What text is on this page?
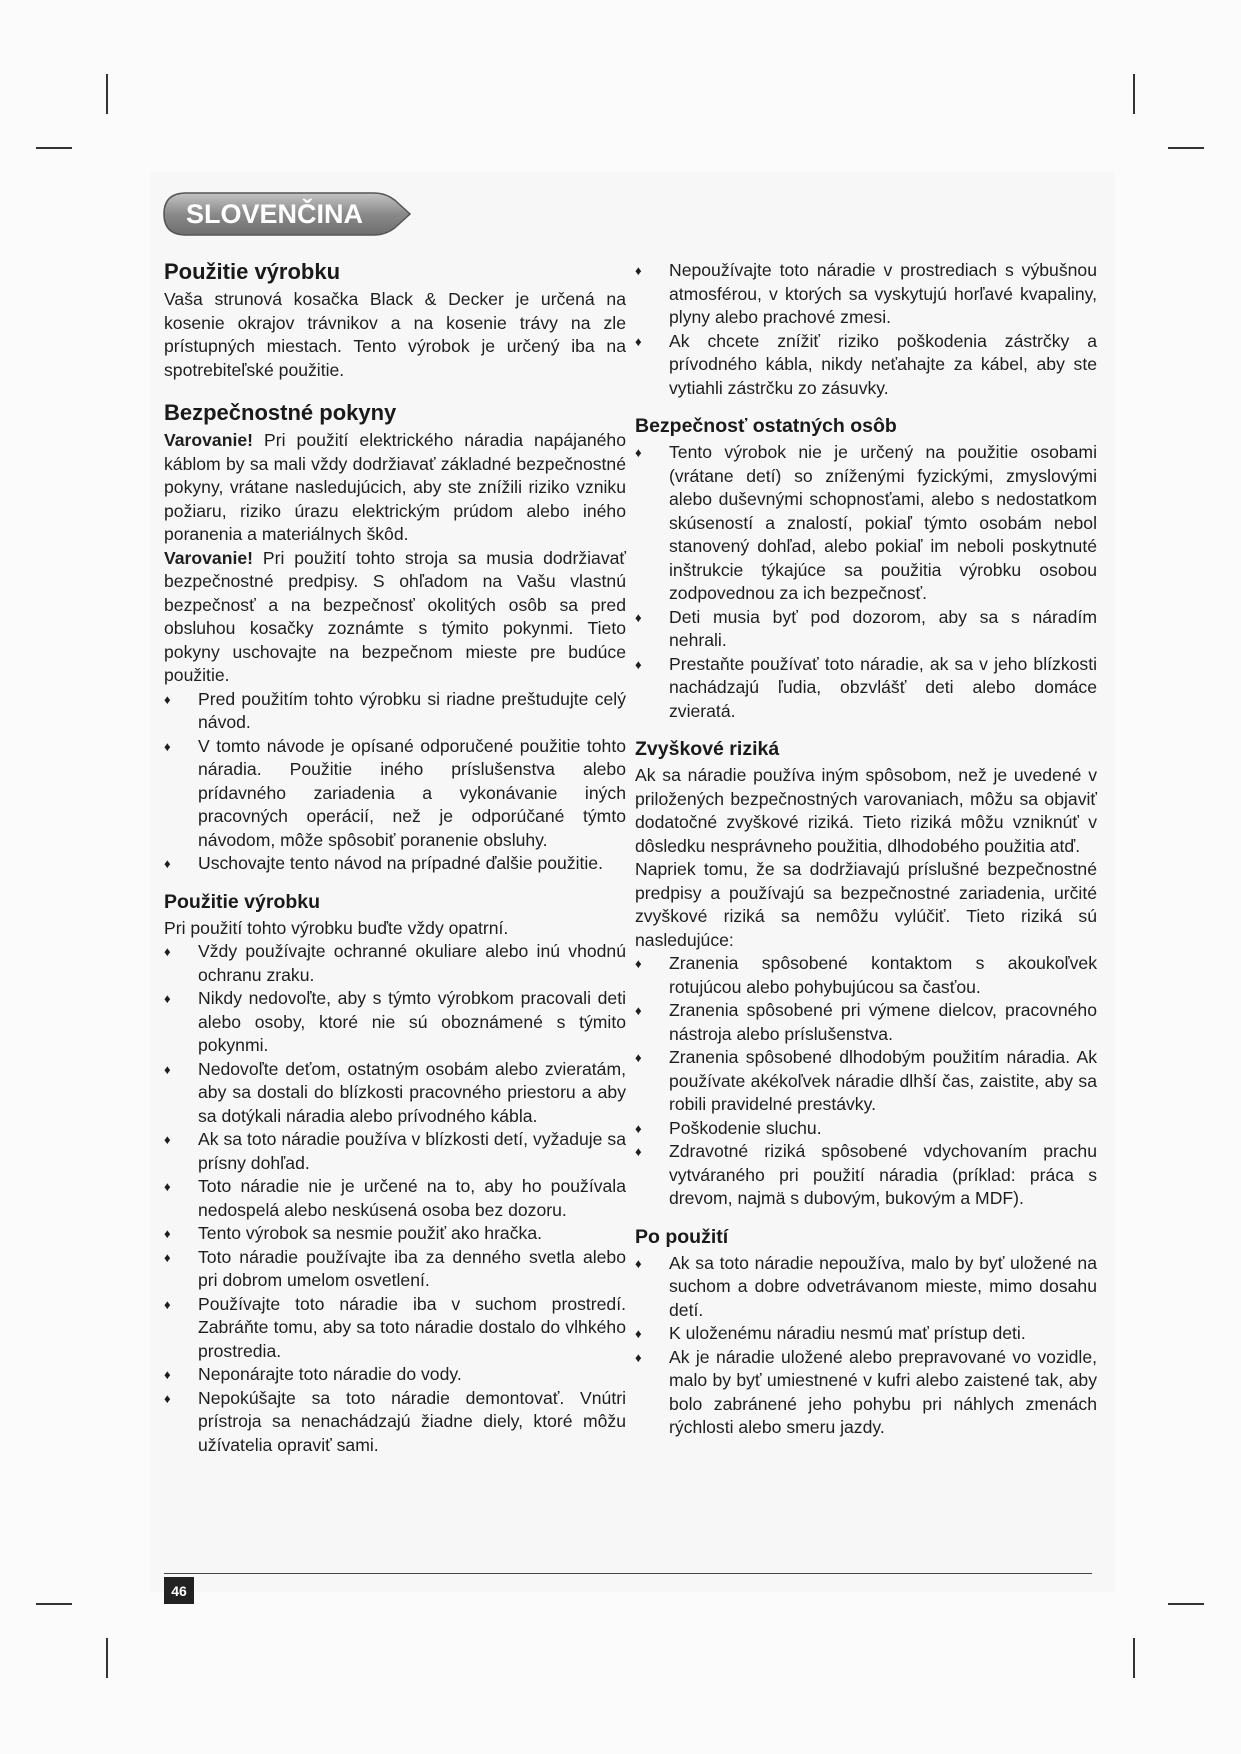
SLOVENČINA
Použitie výrobku

Vaša strunová kosačka Black & Decker je určená na kosenie okrajov trávnikov a na kosenie trávy na zle prístupných miestach. Tento výrobok je určený iba na spotrebiteľské použitie.

Bezpečnostné pokyny

Varovanie! Pri použití elektrického náradia napájaného káblom by sa mali vždy dodržiavať základné bezpečnostné pokyny, vrátane nasledujúcich, aby ste znížili riziko vzniku požiaru, riziko úrazu elektrickým prúdom alebo iného poranenia a materiálnych škôd.

Varovanie! Pri použití tohto stroja sa musia dodržiavať bezpečnostné predpisy. S ohľadom na Vašu vlastnú bezpečnosť a na bezpečnosť okolitých osôb sa pred obsluhou kosačky zoznámte s týmito pokynmi. Tieto pokyny uschovajte na bezpečnom mieste pre budúce použitie.

♦ Pred použitím tohto výrobku si riadne preštudujte celý návod.
♦ V tomto návode je opísané odporučené použitie tohto náradia. Použitie iného príslušenstva alebo prídavného zariadenia a vykonávanie iných pracovných operácií, než je odporúčané týmto návodom, môže spôsobiť poranenie obsluhy.
♦ Uschovajte tento návod na prípadné ďalšie použitie.
Použitie výrobku

Pri použití tohto výrobku buďte vždy opatrní.

♦ Vždy používajte ochranné okuliare alebo inú vhodnú ochranu zraku.
♦ Nikdy nedovoľte, aby s týmto výrobkom pracovali deti alebo osoby, ktoré nie sú oboznámené s týmito pokynmi.
♦ Nedovoľte deťom, ostatným osobám alebo zvieratám, aby sa dostali do blízkosti pracovného priestoru a aby sa dotýkali náradia alebo prívodného kábla.
♦ Ak sa toto náradie používa v blízkosti detí, vyžaduje sa prísny dohľad.
♦ Toto náradie nie je určené na to, aby ho používala nedospelá alebo neskúsená osoba bez dozoru.
♦ Tento výrobok sa nesmie použiť ako hračka.
♦ Toto náradie používajte iba za denného svetla alebo pri dobrom umelom osvetlení.
♦ Používajte toto náradie iba v suchom prostredí. Zabráňte tomu, aby sa toto náradie dostalo do vlhkého prostredia.
♦ Neponárajte toto náradie do vody.
♦ Nepokúšajte sa toto náradie demontovať. Vnútri prístroja sa nenachádzajú žiadne diely, ktoré môžu užívatelia opraviť sami.
♦ Nepoužívajte toto náradie v prostrediach s výbušnou atmosférou, v ktorých sa vyskytujú horľavé kvapaliny, plyny alebo prachové zmesi.
♦ Ak chcete znížiť riziko poškodenia zástrčky a prívodného kábla, nikdy neťahajte za kábel, aby ste vytiahli zástrčku zo zásuvky.
Bezpečnosť ostatných osôb
♦ Tento výrobok nie je určený na použitie osobami (vrátane detí) so zníženými fyzickými, zmyslovými alebo duševnými schopnosťami, alebo s nedostatkom skúseností a znalostí, pokiaľ týmto osobám nebol stanovený dohľad, alebo pokiaľ im neboli poskytnuté inštrukcie týkajúce sa použitia výrobku osobou zodpovednou za ich bezpečnosť.
♦ Deti musia byť pod dozorom, aby sa s náradím nehrali.
♦ Prestaňte používať toto náradie, ak sa v jeho blízkosti nachádzajú ľudia, obzvlášť deti alebo domáce zvieratá.
Zvyškové riziká

Ak sa náradie používa iným spôsobom, než je uvedené v priložených bezpečnostných varovaniach, môžu sa objaviť dodatočné zvyškové riziká. Tieto riziká môžu vzniknúť v dôsledku nesprávneho použitia, dlhodobého použitia atď.

Napriek tomu, že sa dodržiavajú príslušné bezpečnostné predpisy a používajú sa bezpečnostné zariadenia, určité zvyškové riziká sa nemôžu vylúčiť. Tieto riziká sú nasledujúce:

♦ Zranenia spôsobené kontaktom s akoukoľvek rotujúcou alebo pohybujúcou sa časťou.
♦ Zranenia spôsobené pri výmene dielcov, pracovného nástroja alebo príslušenstva.
♦ Zranenia spôsobené dlhodobým použitím náradia. Ak používate akékoľvek náradie dlhší čas, zaistite, aby sa robili pravidelné prestávky.
♦ Poškodenie sluchu.
♦ Zdravotné riziká spôsobené vdychovaním prachu vytváraného pri použití náradia (príklad: práca s drevom, najmä s dubovým, bukovým a MDF).
Po použití
♦ Ak sa toto náradie nepoužíva, malo by byť uložené na suchom a dobre odvetrávanom mieste, mimo dosahu detí.
♦ K uloženému náradiu nesmú mať prístup deti.
♦ Ak je náradie uložené alebo prepravované vo vozidle, malo by byť umiestnené v kufri alebo zaistené tak, aby bolo zabránené jeho pohybu pri náhlych zmenách rýchlosti alebo smeru jazdy.
46
